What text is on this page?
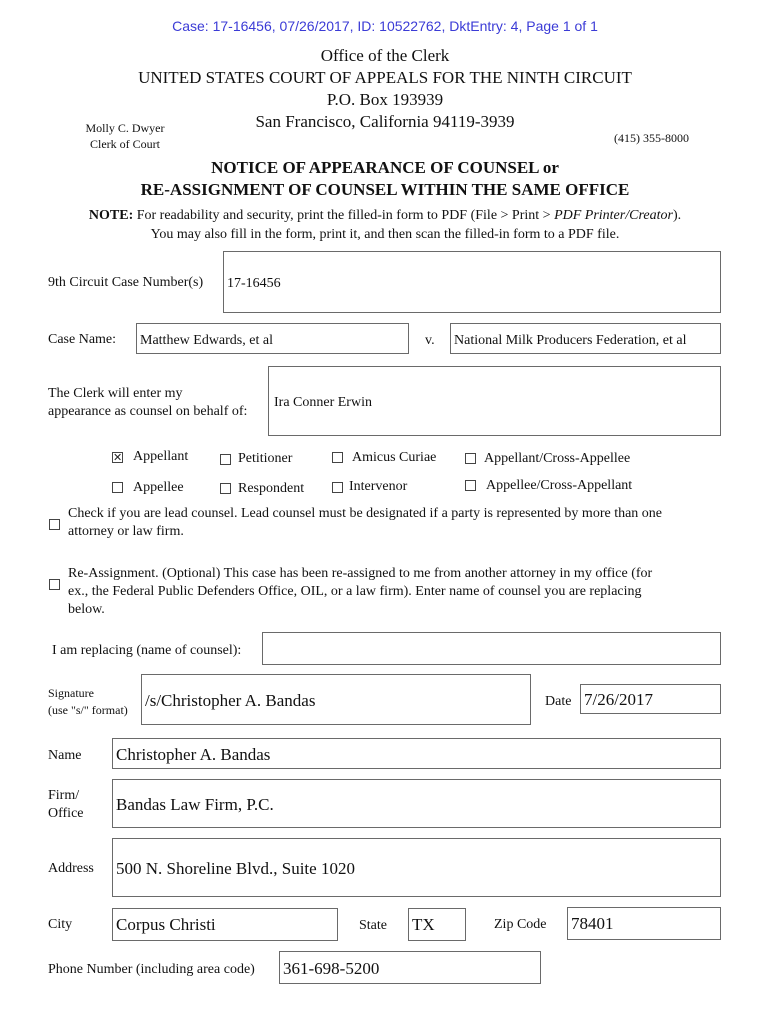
Case: 17-16456, 07/26/2017, ID: 10522762, DktEntry: 4, Page 1 of 1
Office of the Clerk
UNITED STATES COURT OF APPEALS FOR THE NINTH CIRCUIT
P.O. Box 193939
San Francisco, California 94119-3939
Molly C. Dwyer
Clerk of Court	(415) 355-8000
NOTICE OF APPEARANCE OF COUNSEL or
RE-ASSIGNMENT OF COUNSEL WITHIN THE SAME OFFICE
NOTE: For readability and security, print the filled-in form to PDF (File > Print > PDF Printer/Creator).
You may also fill in the form, print it, and then scan the filled-in form to a PDF file.
9th Circuit Case Number(s) 17-16456
Case Name: Matthew Edwards, et al	v. National Milk Producers Federation, et al
The Clerk will enter my
appearance as counsel on behalf of:
Ira Conner Erwin
✕ Appellant	Petitioner	Amicus Curiae	Appellant/Cross-Appellee
Appellee	Respondent	Intervenor	Appellee/Cross-Appellant
Check if you are lead counsel. Lead counsel must be designated if a party is represented by more than one
attorney or law firm.
Re-Assignment. (Optional) This case has been re-assigned to me from another attorney in my office (for
ex., the Federal Public Defenders Office, OIL, or a law firm). Enter name of counsel you are replacing
below.
I am replacing (name of counsel):
Signature
(use "s/" format) /s/Christopher A. Bandas	Date 7/26/2017
Name Christopher A. Bandas
Firm/
Office Bandas Law Firm, P.C.
Address 500 N. Shoreline Blvd., Suite 1020
City	Corpus Christi	State TX	Zip Code 78401
Phone Number (including area code) 361-698-5200
